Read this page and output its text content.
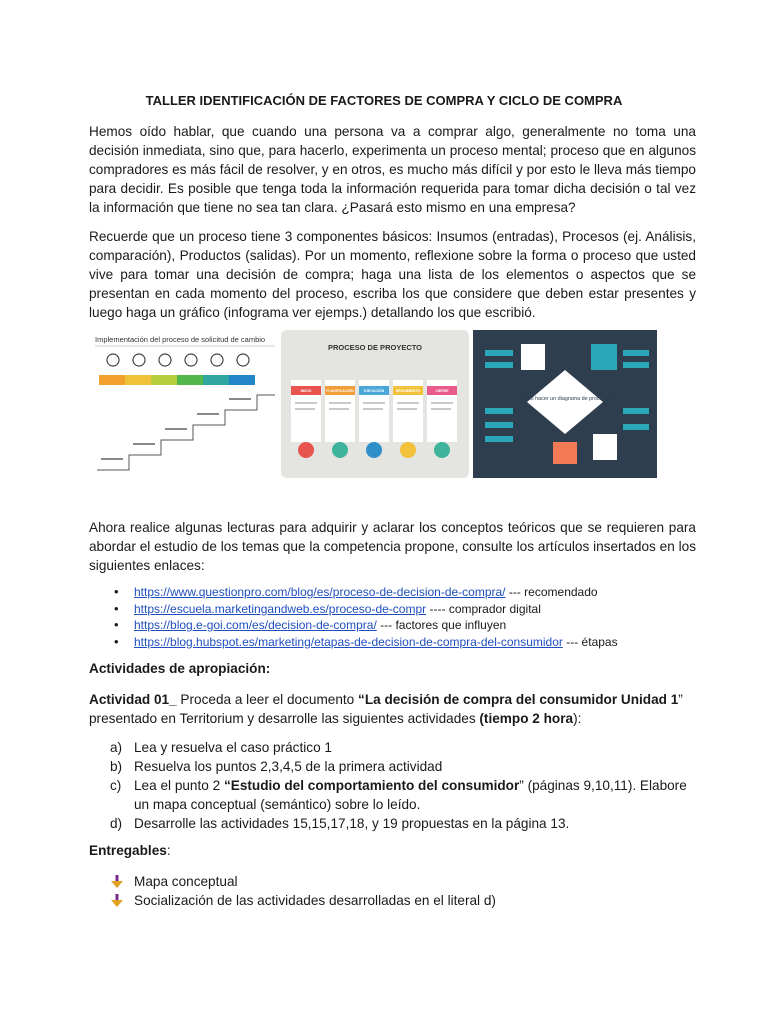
TALLER IDENTIFICACIÓN DE FACTORES DE COMPRA Y CICLO DE COMPRA

Hemos oído hablar, que cuando una persona va a comprar algo, generalmente no toma una decisión inmediata, sino que, para hacerlo, experimenta un proceso mental; proceso que en algunos compradores es más fácil de resolver, y en otros, es mucho más difícil y por esto le lleva más tiempo para decidir. Es posible que tenga toda la información requerida para tomar dicha decisión o tal vez la información que tiene no sea tan clara. ¿Pasará esto mismo en una empresa?

Recuerde que un proceso tiene 3 componentes básicos: Insumos (entradas), Procesos (ej. Análisis, comparación), Productos (salidas). Por un momento, reflexione sobre la forma o proceso que usted vive para tomar una decisión de compra; haga una lista de los elementos o aspectos que se presentan en cada momento del proceso, escriba los que considere que deben estar presentes y luego haga un gráfico (infograma ver ejemps.) detallando los que escribió.

Implementación del proceso de solicitud de cambio
PROCESO DE PROYECTO
INICIO	PLANIFICACIÓN	EJECUCIÓN	SEGUIMIENTO	CIERRE
¿Cómo hacer un diagrama de procesos?

Ahora realice algunas lecturas para adquirir y aclarar los conceptos teóricos que se requieren para abordar el estudio de los temas que la competencia propone, consulte los artículos insertados en los siguientes enlaces:

• https://www.questionpro.com/blog/es/proceso-de-decision-de-compra/ --- recomendado
• https://escuela.marketingandweb.es/proceso-de-compr ---- comprador digital
• https://blog.e-goi.com/es/decision-de-compra/ --- factores que influyen
• https://blog.hubspot.es/marketing/etapas-de-decision-de-compra-del-consumidor --- étapas
Actividades de apropiación:

Actividad 01_ Proceda a leer el documento “La decisión de compra del consumidor Unidad 1” presentado en Territorium y desarrolle las siguientes actividades (tiempo 2 hora):

a) Lea y resuelva el caso práctico 1
b) Resuelva los puntos 2,3,4,5 de la primera actividad
c) Lea el punto 2 “Estudio del comportamiento del consumidor” (páginas 9,10,11). Elabore un mapa conceptual (semántico) sobre lo leído.
d) Desarrolle las actividades 15,15,17,18, y 19 propuestas en la página 13.
Entregables:
Mapa conceptual
Socialización de las actividades desarrolladas en el literal d)
